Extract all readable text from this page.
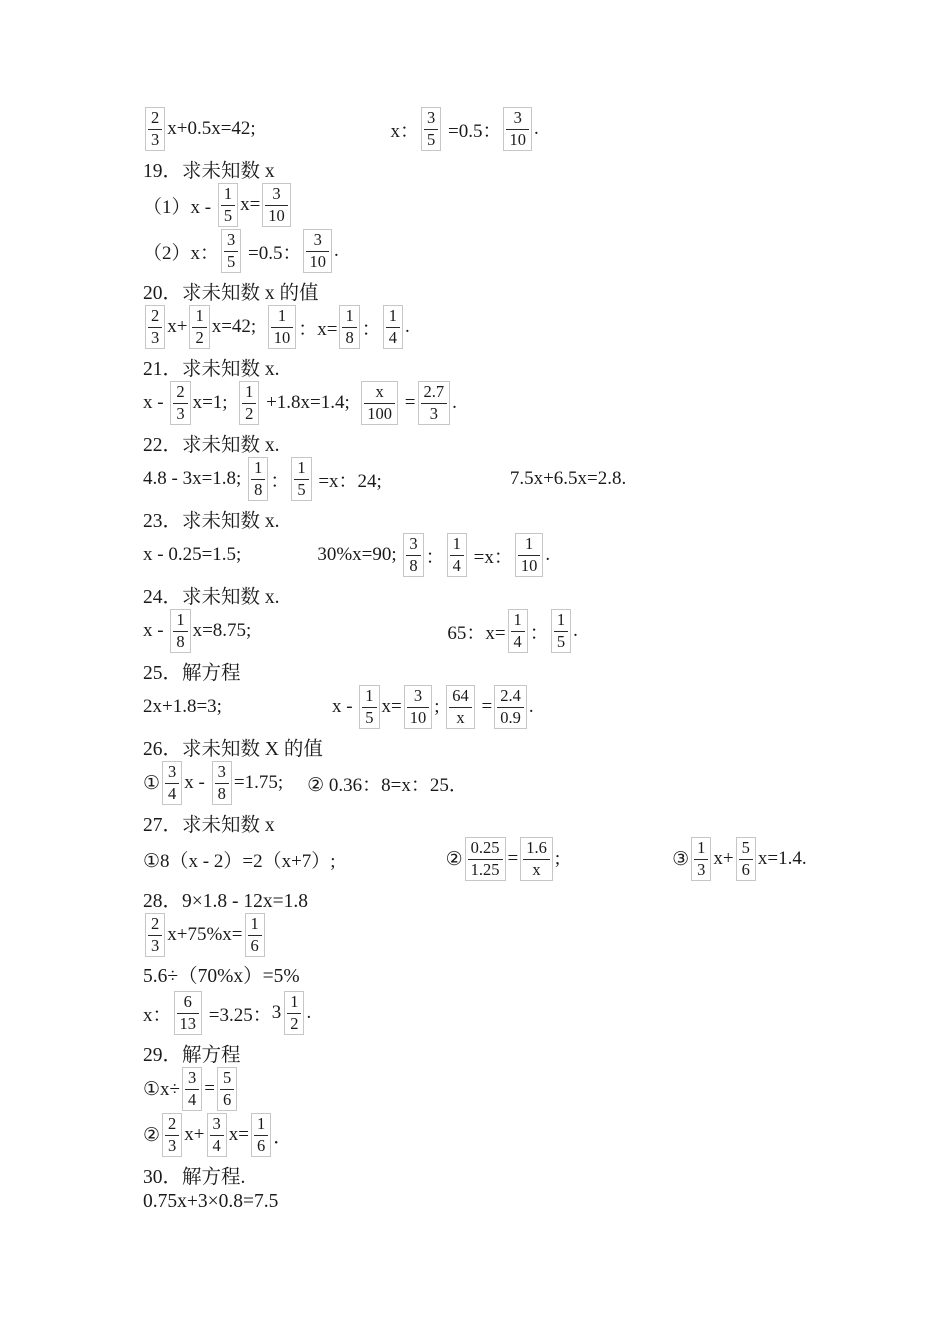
$\frac{2}{3} x+0.5x=42$;	x： $\frac{3}{5} =0.5$： $\frac{3}{10}$ .
19．求未知数 x
$(1)x - \frac{1}{5} x= \frac{3}{10}$
（2）x： $\frac{3}{5} =0.5$： $\frac{3}{10}$ .
20．求未知数 x 的值
$\frac{2}{3} x+ \frac{1}{2} x=42$; $\frac{1}{10}$ ：$x= \frac{1}{8}$ ： $\frac{1}{4}$ .
21．求未知数 x.
$x - \frac{2}{3} x=1$; $\frac{1}{2} +1.8x=1.4$; $\frac{x}{100} = \frac{2.7}{3}$ .
22．求未知数 x.
4.8 - 3x=1.8; $\frac{1}{8}$ ： $\frac{1}{5} =x$：24;	7.5x+6.5x=2.8.
23．求未知数 x.
x - 0.25=1.5;	30%x=90; $\frac{3}{8}$ ： $\frac{1}{4} =x$： $\frac{1}{10}$ .
24．求未知数 x.
$x - \frac{1}{8} x=8.75$;	65：$x= \frac{1}{4}$ ： $\frac{1}{5}$ .
25．解方程
2x+1.8=3;	$x - \frac{1}{5} x= \frac{3}{10}$ ; $\frac{64}{x} = \frac{2.4}{0.9}$ .
26．求未知数 X 的值
① $\frac{3}{4}$ $x - \frac{3}{8} =1.75$; ② 0.36：8=x：25．
27．求未知数 x
①8（x - 2）=2（x+7）;	② $\frac{0.25}{1.25} = \frac{1.6}{x}$ ;	③ $\frac{1}{3} x+ \frac{5}{6} x=1.4$.
28．9×1.8 - 12x=1.8
$\frac{2}{3} x+75\%x= \frac{1}{6}$
5.6÷（70%x）=5%
x： $\frac{6}{13} =3.25$： $3 \frac{1}{2}$ .
29．解方程
①x÷ $\frac{3}{4} = \frac{5}{6}$
② $\frac{2}{3} x+ \frac{3}{4} x= \frac{1}{6}$ ．
30．解方程.
0.75x+3×0.8=7.5
